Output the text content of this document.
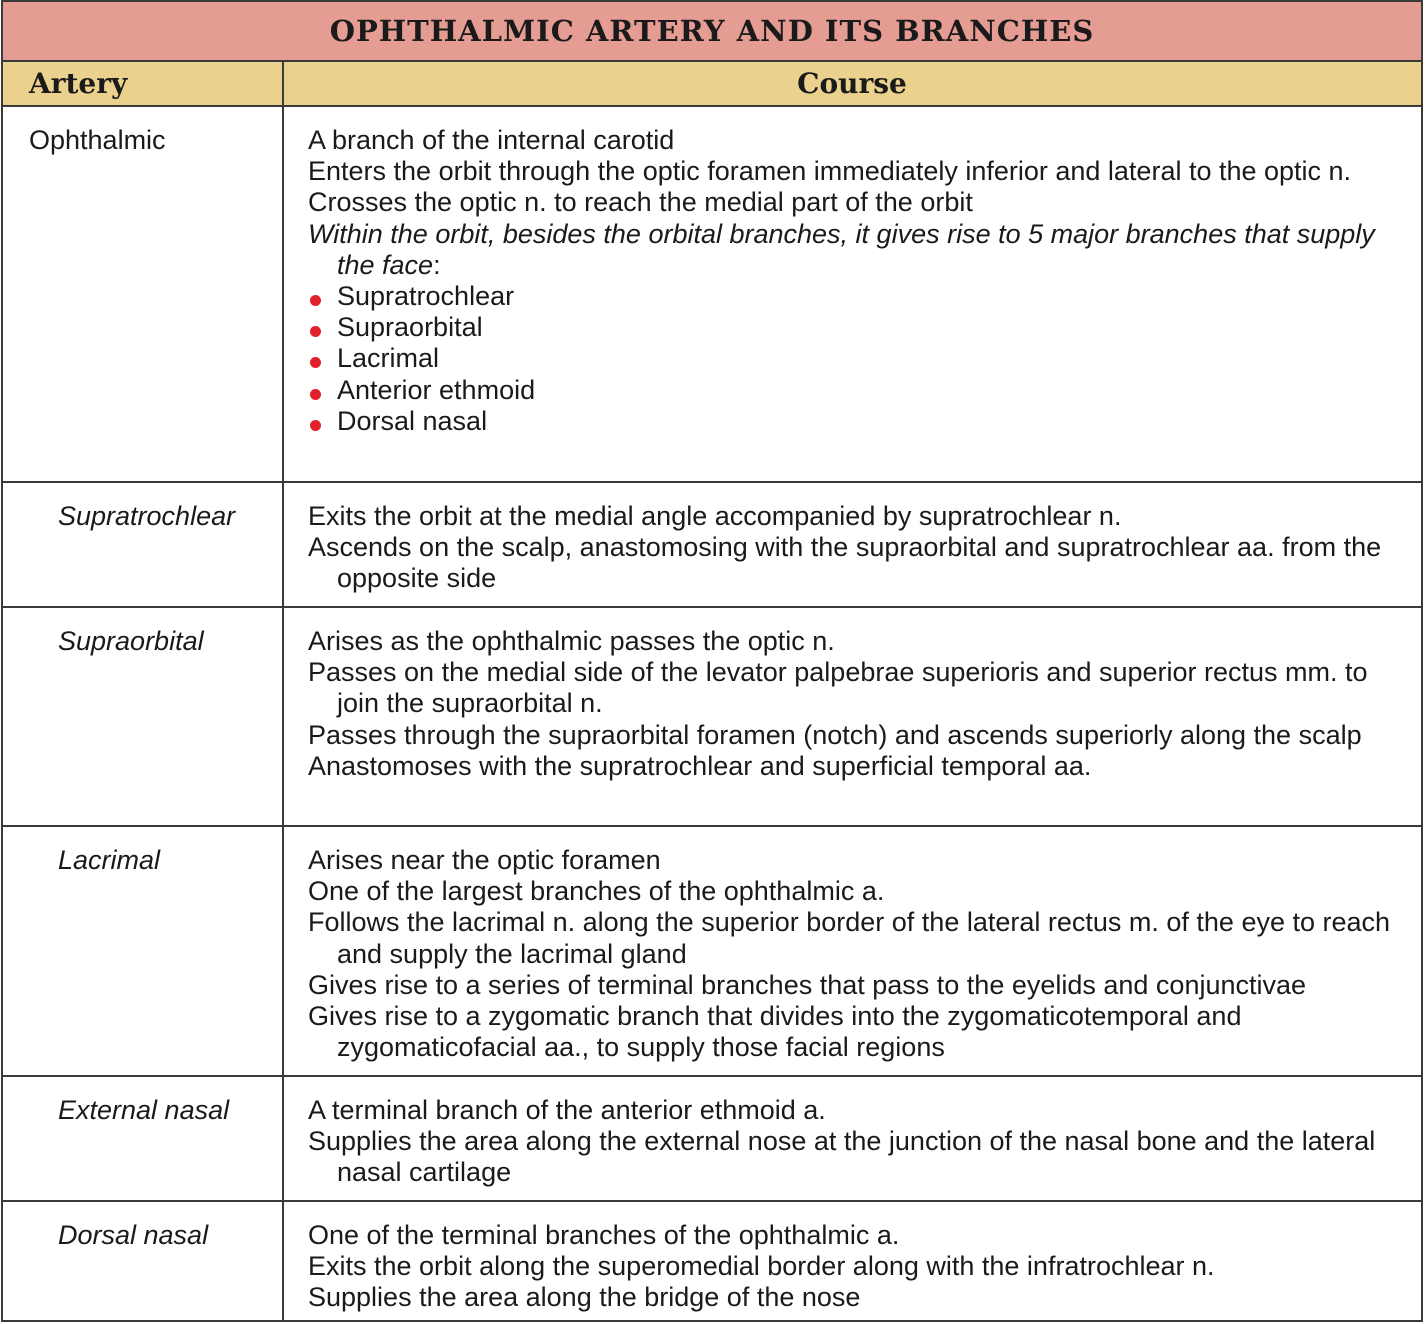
OPHTHALMIC ARTERY AND ITS BRANCHES
Artery	Course
Ophthalmic	A branch of the internal carotid
Enters the orbit through the optic foramen immediately inferior and lateral to the optic n.
Crosses the optic n. to reach the medial part of the orbit
Within the orbit, besides the orbital branches, it gives rise to 5 major branches that supply the face:
Supratrochlear
Supraorbital
Lacrimal
Anterior ethmoid
Dorsal nasal
Supratrochlear	Exits the orbit at the medial angle accompanied by supratrochlear n.
Ascends on the scalp, anastomosing with the supraorbital and supratrochlear aa. from the opposite side
Supraorbital	Arises as the ophthalmic passes the optic n.
Passes on the medial side of the levator palpebrae superioris and superior rectus mm. to join the supraorbital n.
Passes through the supraorbital foramen (notch) and ascends superiorly along the scalp
Anastomoses with the supratrochlear and superficial temporal aa.
Lacrimal	Arises near the optic foramen
One of the largest branches of the ophthalmic a.
Follows the lacrimal n. along the superior border of the lateral rectus m. of the eye to reach and supply the lacrimal gland
Gives rise to a series of terminal branches that pass to the eyelids and conjunctivae
Gives rise to a zygomatic branch that divides into the zygomaticotemporal and zygomaticofacial aa., to supply those facial regions
External nasal	A terminal branch of the anterior ethmoid a.
Supplies the area along the external nose at the junction of the nasal bone and the lateral nasal cartilage
Dorsal nasal	One of the terminal branches of the ophthalmic a.
Exits the orbit along the superomedial border along with the infratrochlear n.
Supplies the area along the bridge of the nose
